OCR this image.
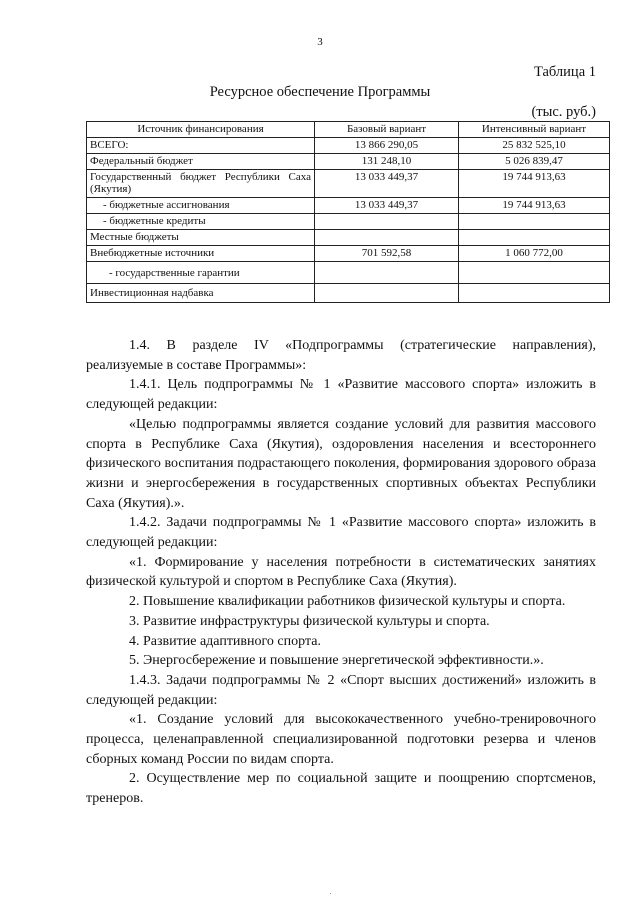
3
Таблица 1
Ресурсное обеспечение Программы
(тыс. руб.)
Источник финансирования	Базовый вариант	Интенсивный вариант
ВСЕГО:	13 866 290,05	25 832 525,10
Федеральный бюджет	131 248,10	5 026 839,47
Государственный бюджет Республики Саха (Якутия)	13 033 449,37	19 744 913,63
- бюджетные ассигнования	13 033 449,37	19 744 913,63
- бюджетные кредиты		
Местные бюджеты		
Внебюджетные источники	701 592,58	1 060 772,00
- государственные гарантии		
Инвестиционная надбавка		

1.4. В разделе IV «Подпрограммы (стратегические направления), реализуемые в составе Программы»:

1.4.1. Цель подпрограммы № 1 «Развитие массового спорта» изложить в следующей редакции:

«Целью подпрограммы является создание условий для развития массового спорта в Республике Саха (Якутия), оздоровления населения и всестороннего физического воспитания подрастающего поколения, формирования здорового образа жизни и энергосбережения в государственных спортивных объектах Республики Саха (Якутия).».

1.4.2. Задачи подпрограммы № 1 «Развитие массового спорта» изложить в следующей редакции:

«1. Формирование у населения потребности в систематических занятиях физической культурой и спортом в Республике Саха (Якутия).

2. Повышение квалификации работников физической культуры и спорта.

3. Развитие инфраструктуры физической культуры и спорта.

4. Развитие адаптивного спорта.

5. Энергосбережение и повышение энергетической эффективности.».

1.4.3. Задачи подпрограммы № 2 «Спорт высших достижений» изложить в следующей редакции:

«1. Создание условий для высококачественного учебно-тренировочного процесса, целенаправленной специализированной подготовки резерва и членов сборных команд России по видам спорта.

2. Осуществление мер по социальной защите и поощрению спортсменов, тренеров.
